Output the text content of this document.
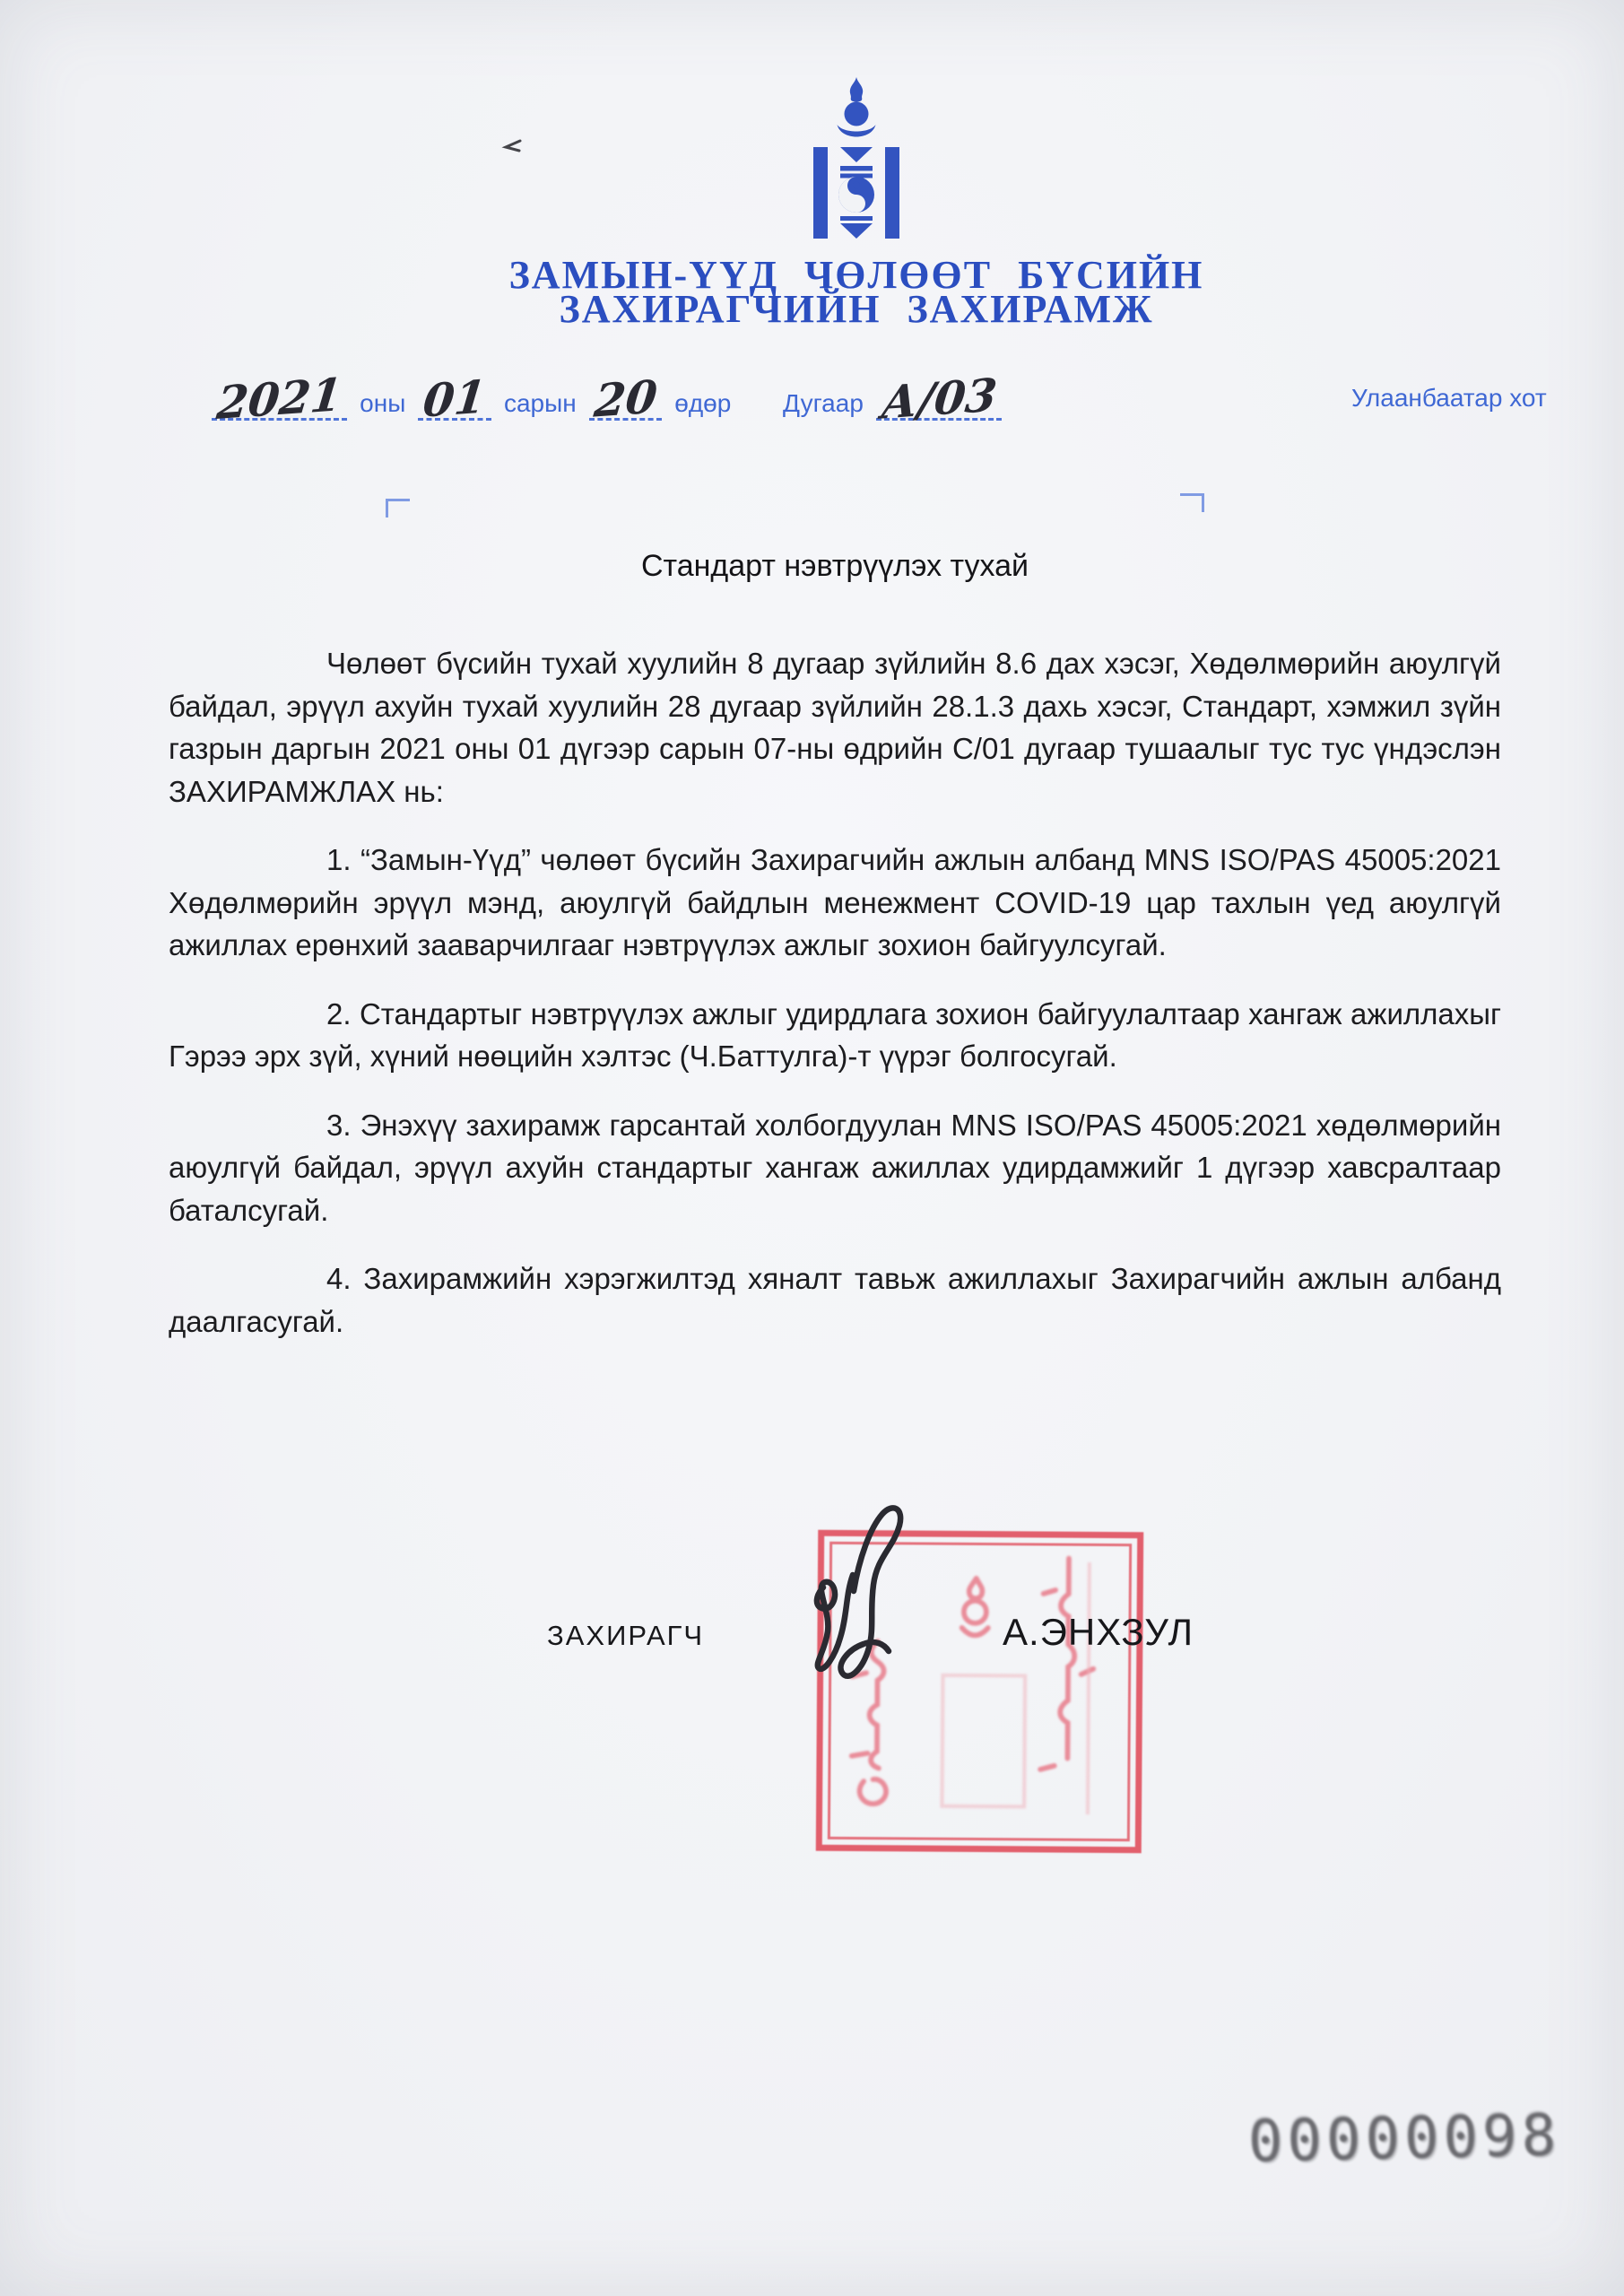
ЗАМЫН-ҮҮД ЧӨЛӨӨТ БҮСИЙН
ЗАХИРАГЧИЙН ЗАХИРАМЖ
2021 оны 01 сарын 20 өдөр Дугаар А/03	Улаанбаатар хот
Стандарт нэвтрүүлэх тухай

Чөлөөт бүсийн тухай хуулийн 8 дугаар зүйлийн 8.6 дах хэсэг, Хөдөлмөрийн аюулгүй байдал, эрүүл ахуйн тухай хуулийн 28 дугаар зүйлийн 28.1.3 дахь хэсэг, Стандарт, хэмжил зүйн газрын даргын 2021 оны 01 дүгээр сарын 07-ны өдрийн С/01 дугаар тушаалыг тус тус үндэслэн ЗАХИРАМЖЛАХ нь:

1. “Замын-Үүд” чөлөөт бүсийн Захирагчийн ажлын албанд MNS ISO/PAS 45005:2021 Хөдөлмөрийн эрүүл мэнд, аюулгүй байдлын менежмент COVID-19 цар тахлын үед аюулгүй ажиллах ерөнхий зааварчилгааг нэвтрүүлэх ажлыг зохион байгуулсугай.

2. Стандартыг нэвтрүүлэх ажлыг удирдлага зохион байгуулалтаар хангаж ажиллахыг Гэрээ эрх зүй, хүний нөөцийн хэлтэс (Ч.Баттулга)-т үүрэг болгосугай.

3. Энэхүү захирамж гарсантай холбогдуулан MNS ISO/PAS 45005:2021 хөдөлмөрийн аюулгүй байдал, эрүүл ахуйн стандартыг хангаж ажиллах удирдамжийг 1 дүгээр хавсралтаар баталсугай.

4. Захирамжийн хэрэгжилтэд хяналт тавьж ажиллахыг Захирагчийн ажлын албанд даалгасугай.

ЗАХИРАГЧ	А.ЭНХЗУЛ
00000098
